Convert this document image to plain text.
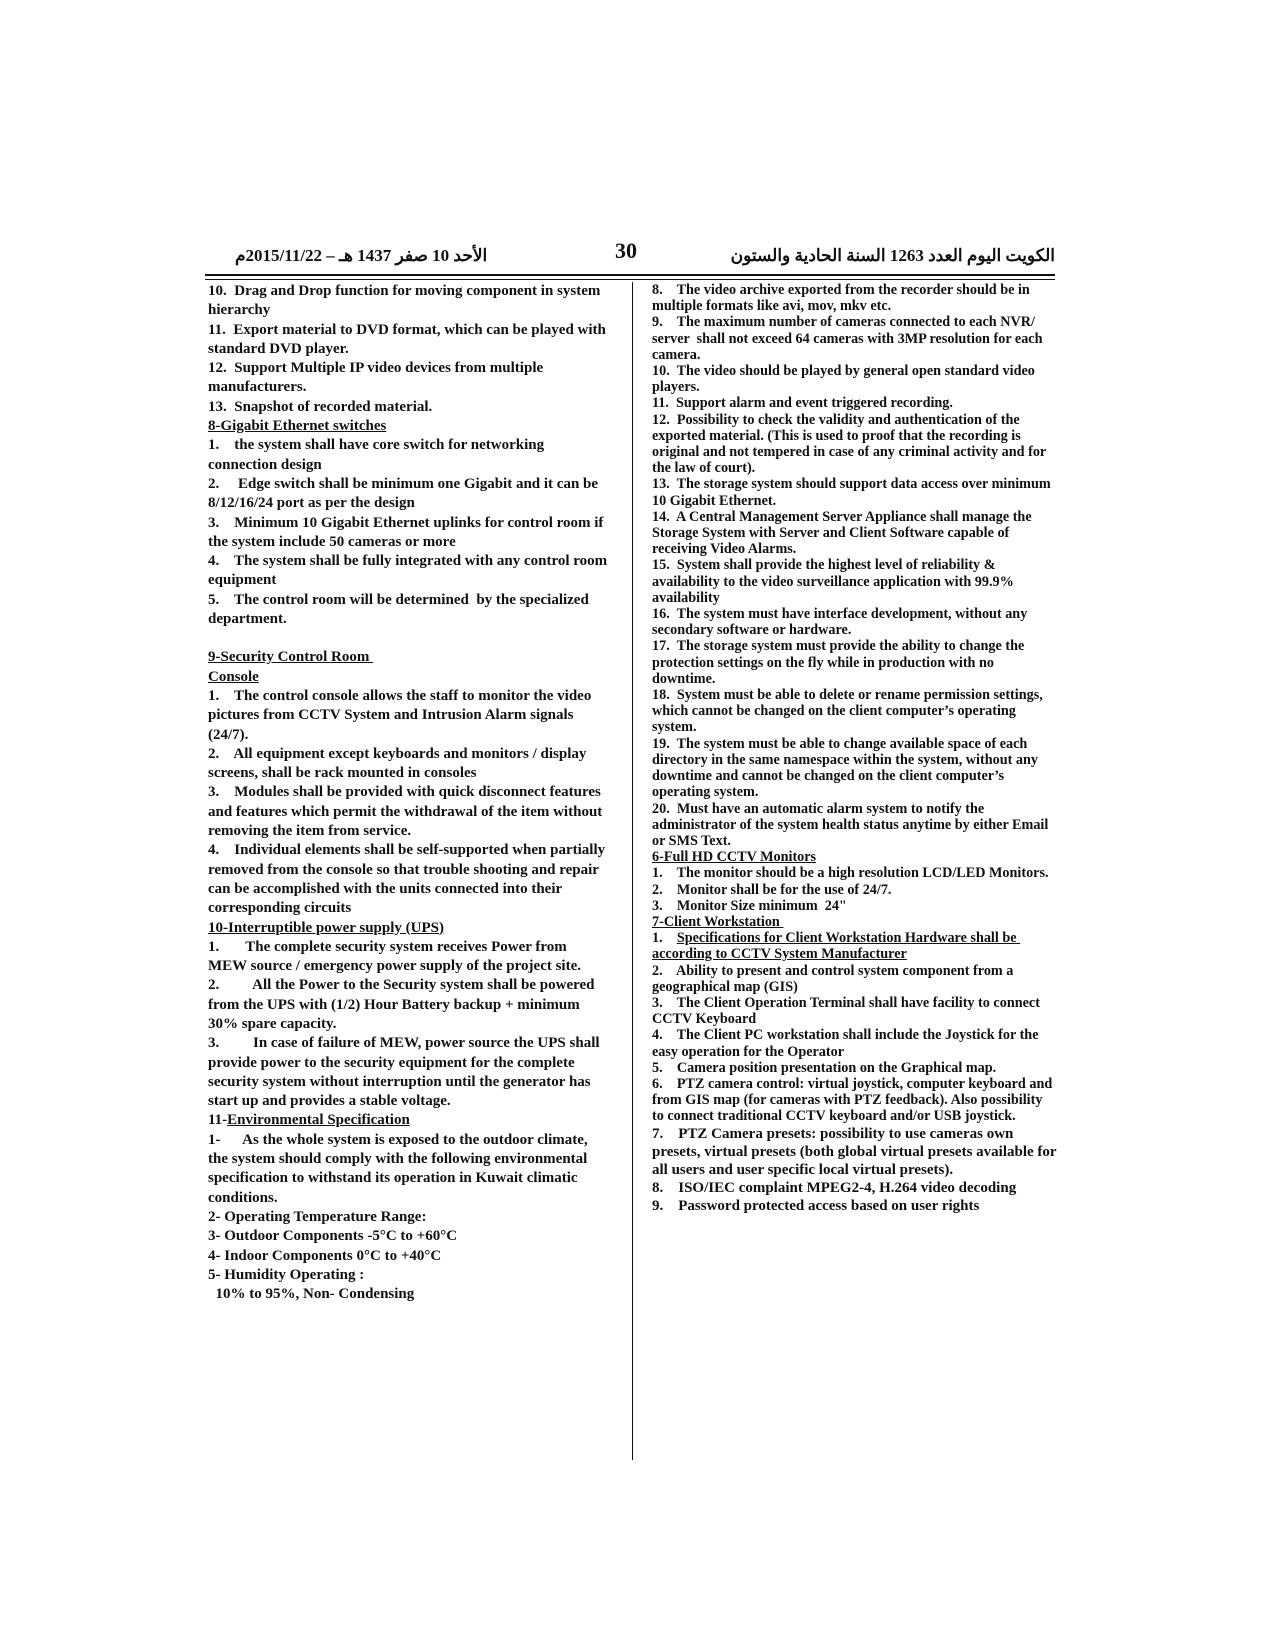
الأحد 10 صفر 1437 هـ – 2015/11/22م	30	الكويت اليوم العدد 1263 السنة الحادية والستون

10.  Drag and Drop function for moving component in system hierarchy

11.  Export material to DVD format, which can be played with standard DVD player.

12.  Support Multiple IP video devices from multiple manufacturers.

13.  Snapshot of recorded material.

8-Gigabit Ethernet switches

1.    the system shall have core switch for networking connection design

2.     Edge switch shall be minimum one Gigabit and it can be 8/12/16/24 port as per the design

3.    Minimum 10 Gigabit Ethernet uplinks for control room if the system include 50 cameras or more

4.    The system shall be fully integrated with any control room equipment

5.    The control room will be determined  by the specialized department.

9-Security Control Room

Console

1.    The control console allows the staff to monitor the video pictures from CCTV System and Intrusion Alarm signals (24/7).

2.    All equipment except keyboards and monitors / display screens, shall be rack mounted in consoles

3.    Modules shall be provided with quick disconnect features and features which permit the withdrawal of the item without removing the item from service.

4.    Individual elements shall be self-supported when partially removed from the console so that trouble shooting and repair can be accomplished with the units connected into their corresponding circuits

10-Interruptible power supply (UPS)

1.       The complete security system receives Power from MEW source / emergency power supply of the project site.

2.         All the Power to the Security system shall be powered from the UPS with (1/2) Hour Battery backup + minimum 30% spare capacity.

3.         In case of failure of MEW, power source the UPS shall provide power to the security equipment for the complete security system without interruption until the generator has start up and provides a stable voltage.

11-Environmental Specification

1-      As the whole system is exposed to the outdoor climate, the system should comply with the following environmental specification to withstand its operation in Kuwait climatic conditions.

2- Operating Temperature Range:

3- Outdoor Components -5°C to +60°C

4- Indoor Components 0°C to +40°C

5- Humidity Operating :

10% to 95%, Non- Condensing

8.    The video archive exported from the recorder should be in multiple formats like avi, mov, mkv etc.

9.    The maximum number of cameras connected to each NVR/ server  shall not exceed 64 cameras with 3MP resolution for each camera.

10.  The video should be played by general open standard video players.

11.  Support alarm and event triggered recording.

12.  Possibility to check the validity and authentication of the exported material. (This is used to proof that the recording is original and not tempered in case of any criminal activity and for the law of court).

13.  The storage system should support data access over minimum 10 Gigabit Ethernet.

14.  A Central Management Server Appliance shall manage the Storage System with Server and Client Software capable of receiving Video Alarms.

15.  System shall provide the highest level of reliability & availability to the video surveillance application with 99.9% availability

16.  The system must have interface development, without any secondary software or hardware.

17.  The storage system must provide the ability to change the protection settings on the fly while in production with no downtime.

18.  System must be able to delete or rename permission settings, which cannot be changed on the client computer’s operating system.

19.  The system must be able to change available space of each directory in the same namespace within the system, without any downtime and cannot be changed on the client computer’s operating system.

20.  Must have an automatic alarm system to notify the administrator of the system health status anytime by either Email or SMS Text.

6-Full HD CCTV Monitors

1.    The monitor should be a high resolution LCD/LED Monitors.

2.    Monitor shall be for the use of 24/7.

3.    Monitor Size minimum  24"

7-Client Workstation

1.    Specifications for Client Workstation Hardware shall be according to CCTV System Manufacturer

2.    Ability to present and control system component from a geographical map (GIS)

3.    The Client Operation Terminal shall have facility to connect CCTV Keyboard

4.    The Client PC workstation shall include the Joystick for the easy operation for the Operator

5.    Camera position presentation on the Graphical map.

6.    PTZ camera control: virtual joystick, computer keyboard and from GIS map (for cameras with PTZ feedback). Also possibility to connect traditional CCTV keyboard and/or USB joystick.

7.    PTZ Camera presets: possibility to use cameras own presets, virtual presets (both global virtual presets available for all users and user specific local virtual presets).

8.    ISO/IEC complaint MPEG2-4, H.264 video decoding

9.    Password protected access based on user rights
